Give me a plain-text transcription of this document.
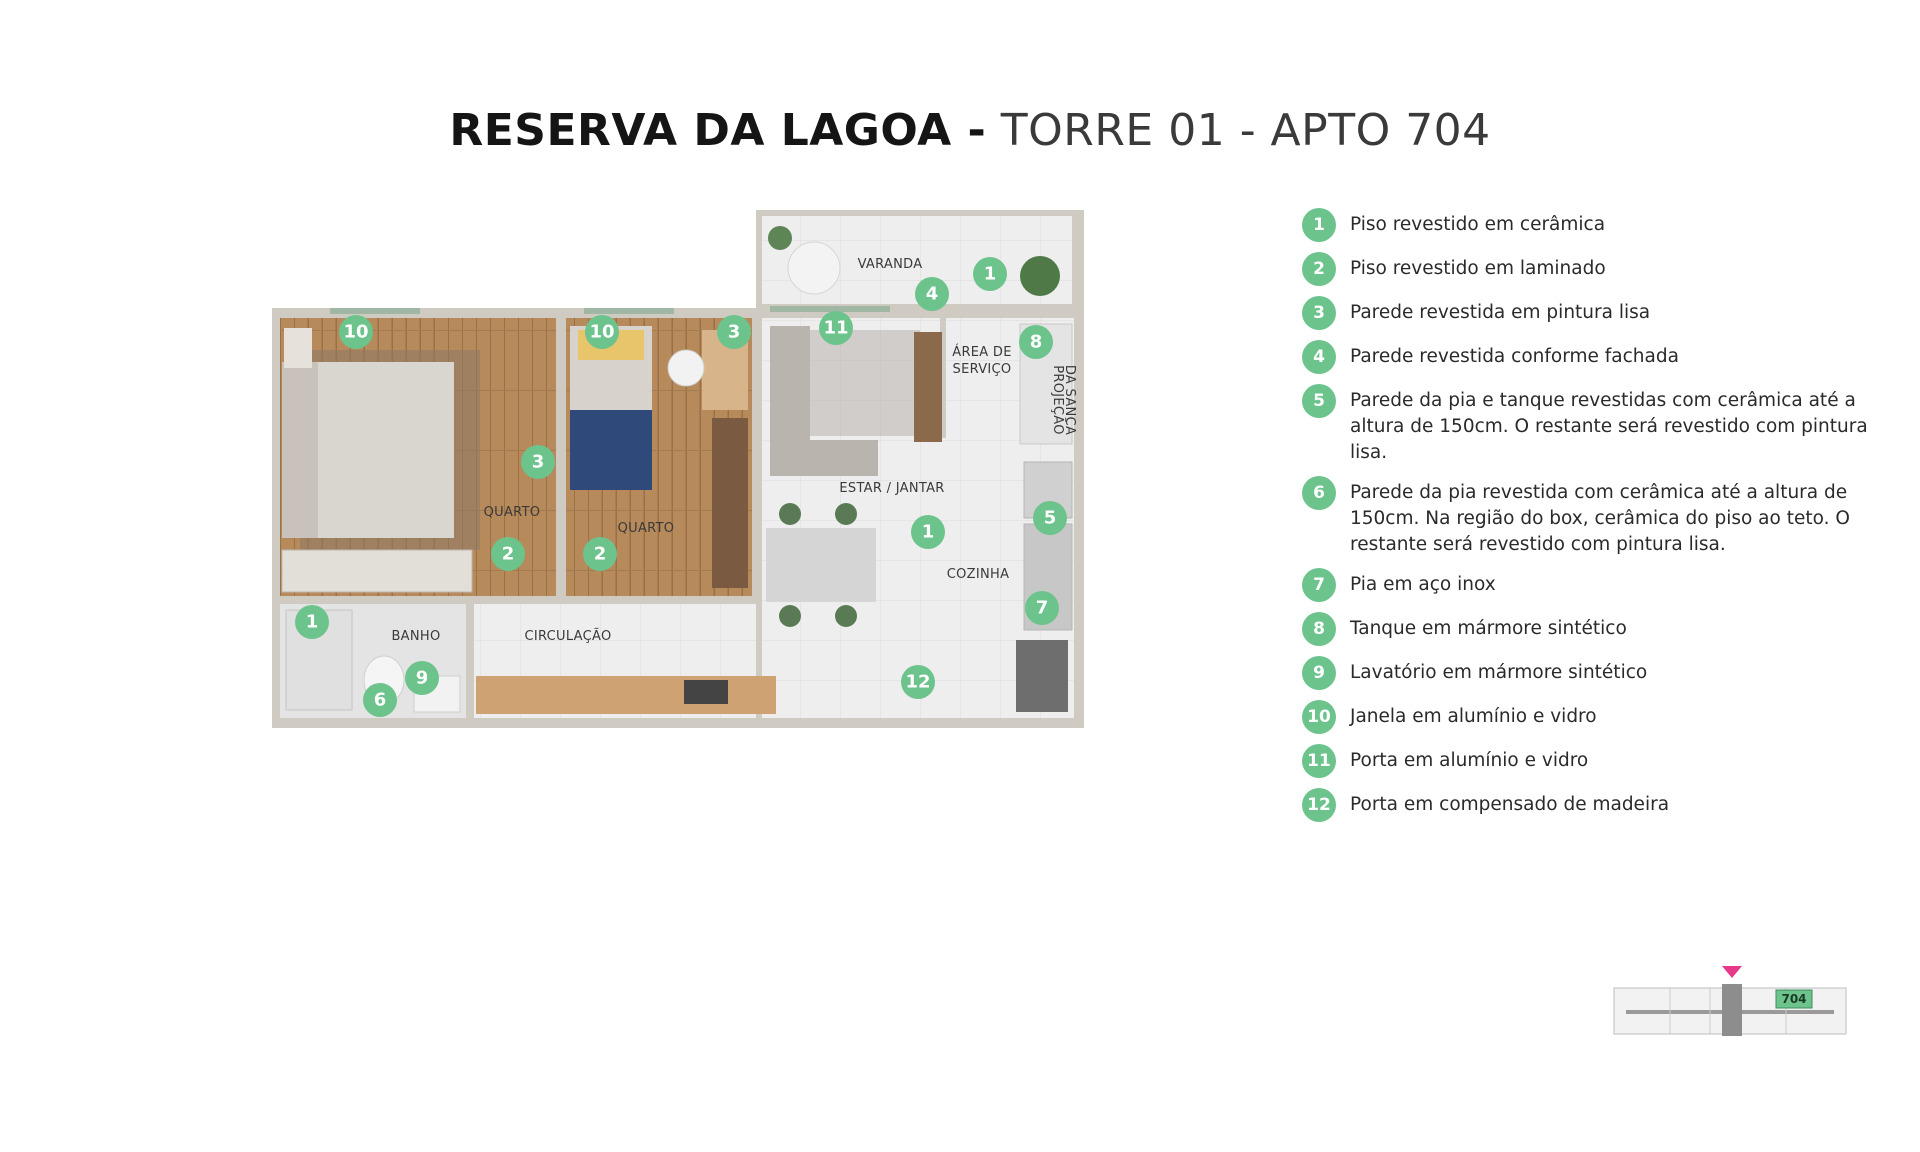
RESERVA DA LAGOA - TORRE 01 - APTO 704
VARANDA
ÁREA DE
SERVIÇO
ESTAR / JANTAR
QUARTO
QUARTO
COZINHA
BANHO	CIRCULAÇÃO
PROJEÇÃO
DA SANCA
1
4
8
11
10	10	3
3
2	2
1
5
7
12
1
9
6
1	Piso revestido em cerâmica
2	Piso revestido em laminado
3	Parede revestida em pintura lisa
4	Parede revestida conforme fachada
5	Parede da pia e tanque revestidas com cerâmica até a altura de 150cm. O restante será revestido com pintura lisa.
6	Parede da pia revestida com cerâmica até a altura de 150cm. Na região do box, cerâmica do piso ao teto. O restante será revestido com pintura lisa.
7	Pia em aço inox
8	Tanque em mármore sintético
9	Lavatório em mármore sintético
10 Janela em alumínio e vidro
11 Porta em alumínio e vidro
12 Porta em compensado de madeira
704
